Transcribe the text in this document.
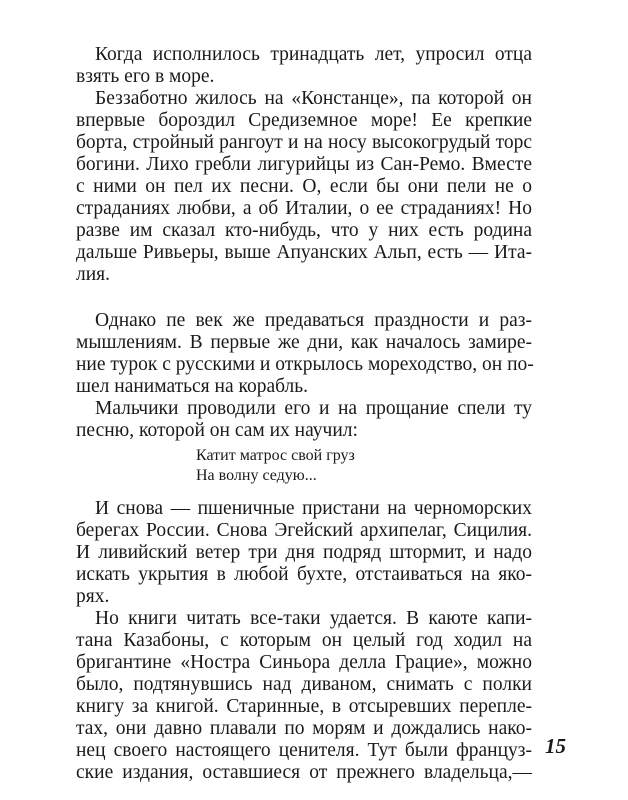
Когда исполнилось тринадцать лет, упросил отца
взять его в море.
Беззаботно жилось на «Констанце», па которой он
впервые бороздил Средиземное море! Ее крепкие
борта, стройный рангоут и на носу высокогрудый торс
богини. Лихо гребли лигурийцы из Сан-Ремо. Вместе
с ними он пел их песни. О, если бы они пели не о
страданиях любви, а об Италии, о ее страданиях! Но
разве им сказал кто-нибудь, что у них есть родина
дальше Ривьеры, выше Апуанских Альп, есть — Ита-
лия.
Однако пе век же предаваться праздности и раз-
мышлениям. В первые же дни, как началось замире-
ние турок с русскими и открылось мореходство, он по-
шел наниматься на корабль.
Мальчики проводили его и на прощание спели ту
песню, которой он сам их научил:
Катит матрос свой груз
На волну седую...
И снова — пшеничные пристани на черноморских
берегах России. Снова Эгейский архипелаг, Сицилия.
И ливийский ветер три дня подряд штормит, и надо
искать укрытия в любой бухте, отстаиваться на яко-
рях.
Но книги читать все-таки удается. В каюте капи-
тана Казабоны, с которым он целый год ходил на
бригантине «Ностра Синьора делла Грацие», можно
было, подтянувшись над диваном, снимать с полки
книгу за книгой. Старинные, в отсыревших перепле-
тах, они давно плавали по морям и дождались нако-
нец своего настоящего ценителя. Тут были француз-
ские издания, оставшиеся от прежнего владельца,—
15
